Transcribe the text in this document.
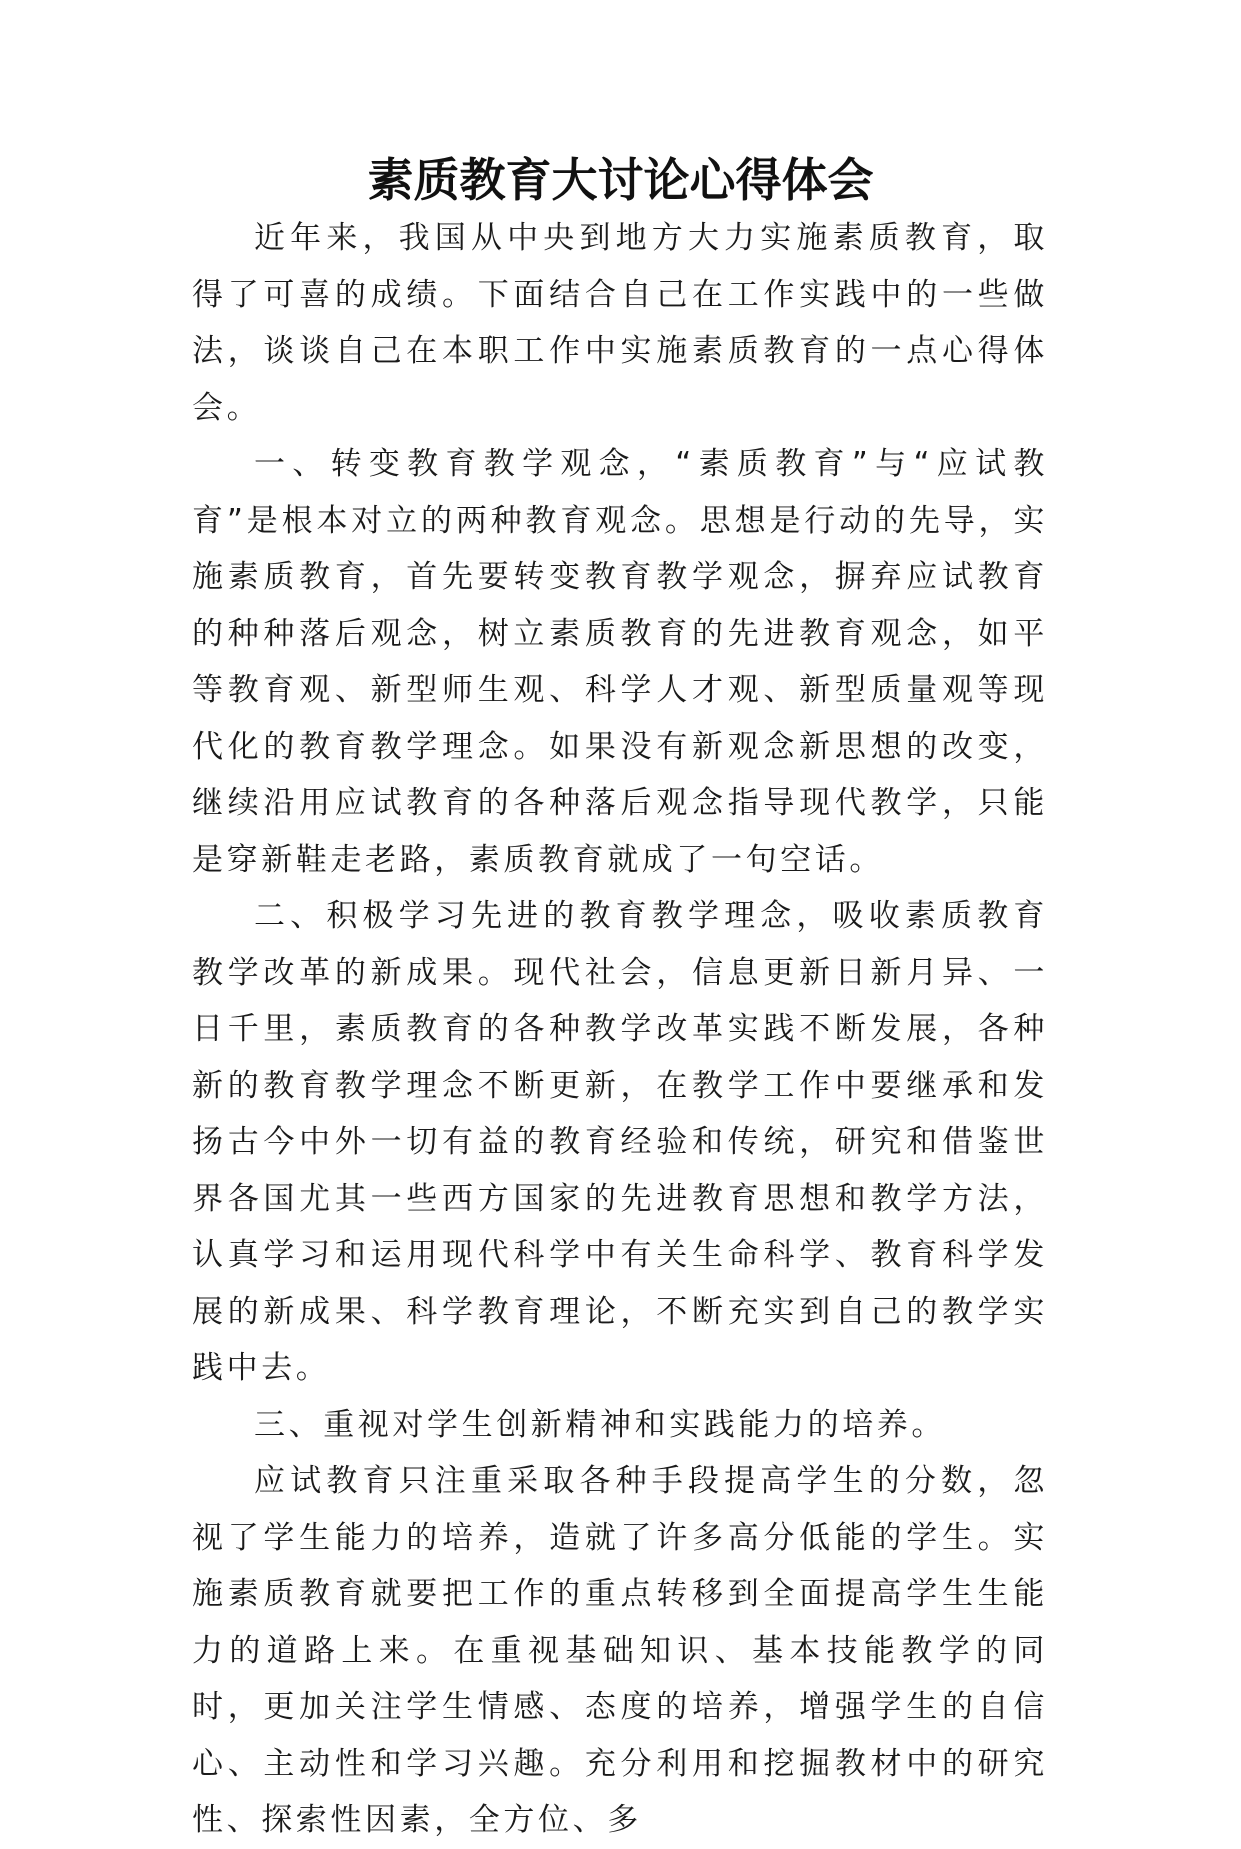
素质教育大讨论心得体会

近年来，我国从中央到地方大力实施素质教育，取得了可喜的成绩。下面结合自己在工作实践中的一些做法，谈谈自己在本职工作中实施素质教育的一点心得体会。

一、转变教育教学观念，“素质教育”与“应试教育”是根本对立的两种教育观念。思想是行动的先导，实施素质教育，首先要转变教育教学观念，摒弃应试教育的种种落后观念，树立素质教育的先进教育观念，如平等教育观、新型师生观、科学人才观、新型质量观等现代化的教育教学理念。如果没有新观念新思想的改变，继续沿用应试教育的各种落后观念指导现代教学，只能是穿新鞋走老路，素质教育就成了一句空话。

二、积极学习先进的教育教学理念，吸收素质教育教学改革的新成果。现代社会，信息更新日新月异、一日千里，素质教育的各种教学改革实践不断发展，各种新的教育教学理念不断更新，在教学工作中要继承和发扬古今中外一切有益的教育经验和传统，研究和借鉴世界各国尤其一些西方国家的先进教育思想和教学方法，认真学习和运用现代科学中有关生命科学、教育科学发展的新成果、科学教育理论，不断充实到自己的教学实践中去。

三、重视对学生创新精神和实践能力的培养。

应试教育只注重采取各种手段提高学生的分数，忽视了学生能力的培养，造就了许多高分低能的学生。实施素质教育就要把工作的重点转移到全面提高学生生能力的道路上来。在重视基础知识、基本技能教学的同时，更加关注学生情感、态度的培养，增强学生的自信心、主动性和学习兴趣。充分利用和挖掘教材中的研究性、探索性因素，全方位、多
